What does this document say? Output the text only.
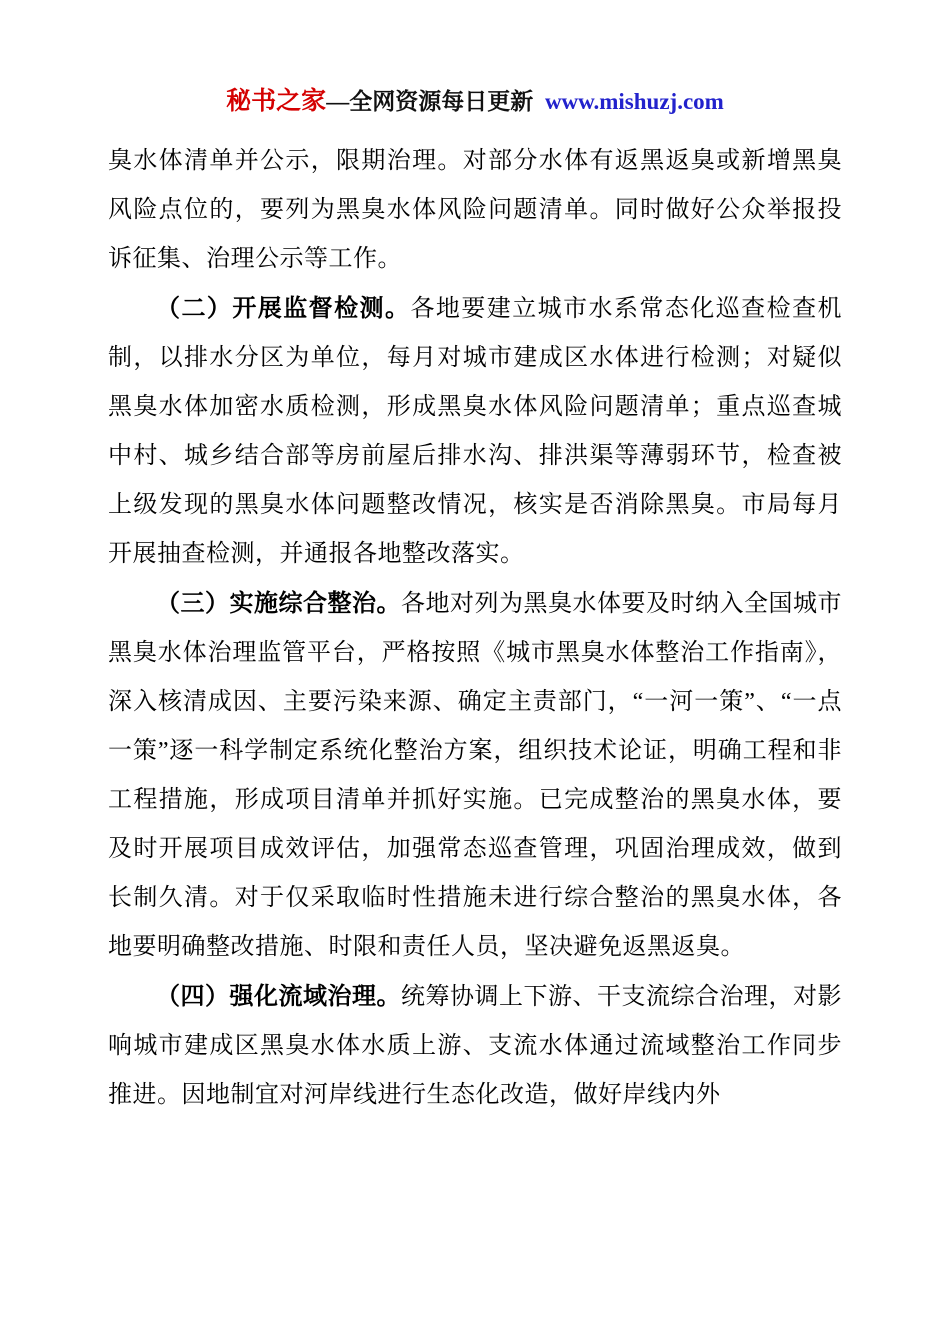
秘书之家—全网资源每日更新 www.mishuzj.com

臭水体清单并公示，限期治理。对部分水体有返黑返臭或新增黑臭风险点位的，要列为黑臭水体风险问题清单。同时做好公众举报投诉征集、治理公示等工作。

（二）开展监督检测。各地要建立城市水系常态化巡查检查机制，以排水分区为单位，每月对城市建成区水体进行检测；对疑似黑臭水体加密水质检测，形成黑臭水体风险问题清单；重点巡查城中村、城乡结合部等房前屋后排水沟、排洪渠等薄弱环节，检查被上级发现的黑臭水体问题整改情况，核实是否消除黑臭。市局每月开展抽查检测，并通报各地整改落实。

（三）实施综合整治。各地对列为黑臭水体要及时纳入全国城市黑臭水体治理监管平台，严格按照《城市黑臭水体整治工作指南》，深入核清成因、主要污染来源、确定主责部门，“一河一策”、“一点一策”逐一科学制定系统化整治方案，组织技术论证，明确工程和非工程措施，形成项目清单并抓好实施。已完成整治的黑臭水体，要及时开展项目成效评估，加强常态巡查管理，巩固治理成效，做到长制久清。对于仅采取临时性措施未进行综合整治的黑臭水体，各地要明确整改措施、时限和责任人员，坚决避免返黑返臭。

（四）强化流域治理。统筹协调上下游、干支流综合治理，对影响城市建成区黑臭水体水质上游、支流水体通过流域整治工作同步推进。因地制宜对河岸线进行生态化改造，做好岸线内外
